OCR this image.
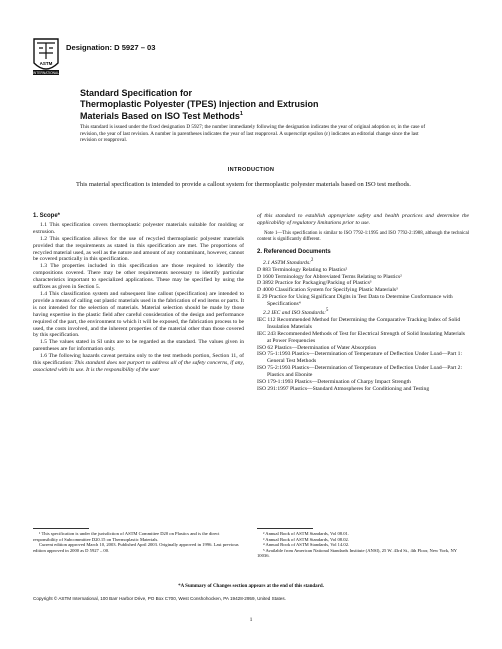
ASTM
INTERNATIONAL
Designation: D 5927 – 03
Standard Specification for
Thermoplastic Polyester (TPES) Injection and Extrusion
Materials Based on ISO Test Methods$^1$
This standard is issued under the fixed designation D 5927; the number immediately following the designation indicates the year of original adoption or, in the case of revision, the year of last revision. A number in parentheses indicates the year of last reapproval. A superscript epsilon (ε) indicates an editorial change since the last revision or reapproval.
INTRODUCTION
This material specification is intended to provide a callout system for thermoplastic polyester materials based on ISO test methods.
1. Scope*

1.1 This specification covers thermoplastic polyester materials suitable for molding or extrusion.

1.2 This specification allows for the use of recycled thermoplastic polyester materials provided that the requirements as stated in this specification are met. The proportions of recycled material used, as well as the nature and amount of any contaminant, however, cannot be covered practically in this specification.

1.3 The properties included in this specification are those required to identify the compositions covered. There may be other requirements necessary to identify particular characteristics important to specialized applications. These may be specified by using the suffixes as given in Section 5.

1.4 This classification system and subsequent line callout (specification) are intended to provide a means of calling out plastic materials used in the fabrication of end items or parts. It is not intended for the selection of materials. Material selection should be made by those having expertise in the plastic field after careful consideration of the design and performance required of the part, the environment to which it will be exposed, the fabrication process to be used, the costs involved, and the inherent properties of the material other than those covered by this specification.

1.5 The values stated in SI units are to be regarded as the standard. The values given in parentheses are for information only.

1.6 The following hazards caveat pertains only to the test methods portion, Section 11, of this specification: This standard does not purport to address all of the safety concerns, if any, associated with its use. It is the responsibility of the user

of this standard to establish appropriate safety and health practices and determine the applicability of regulatory limitations prior to use.

Note 1—This specification is similar to ISO 7792-1:1995 and ISO 7792-2:1988, although the technical content is significantly different.

2. Referenced Documents

2.1 ASTM Standards:$^2$

D 883 Terminology Relating to Plastics²

D 1600 Terminology for Abbreviated Terms Relating to Plastics²

D 3892 Practice for Packaging/Packing of Plastics³

D 4000 Classification System for Specifying Plastic Materials³

E 29 Practice for Using Significant Digits in Test Data to Determine Conformance with Specifications⁴

2.2 IEC and ISO Standards:$^5$

IEC 112 Recommended Method for Determining the Comparative Tracking Index of Solid Insulation Materials

IEC 243 Recommended Methods of Test for Electrical Strength of Solid Insulating Materials at Power Frequencies

ISO 62 Plastics—Determination of Water Absorption

ISO 75-1:1993 Plastics—Determination of Temperature of Deflection Under Load—Part 1: General Test Methods

ISO 75-2:1993 Plastics—Determination of Temperature of Deflection Under Load—Part 2: Plastics and Ebonite

ISO 179-1:1993 Plastics—Determination of Charpy Impact Strength

ISO 291:1997 Plastics—Standard Atmospheres for Conditioning and Testing

¹ This specification is under the jurisdiction of ASTM Committee D20 on Plastics and is the direct responsibility of Subcommittee D20.15 on Thermoplastic Materials.

Current edition approved March 10, 2003. Published April 2003. Originally approved in 1996. Last previous edition approved in 2000 as D 5927 – 00.

² Annual Book of ASTM Standards, Vol 08.01.

³ Annual Book of ASTM Standards, Vol 08.02.

⁴ Annual Book of ASTM Standards, Vol 14.02.

⁵ Available from American National Standards Institute (ANSI), 25 W. 43rd St., 4th Floor, New York, NY 10036.

*A Summary of Changes section appears at the end of this standard.
Copyright © ASTM International, 100 Barr Harbor Drive, PO Box C700, West Conshohocken, PA 19428-2959, United States.
1
